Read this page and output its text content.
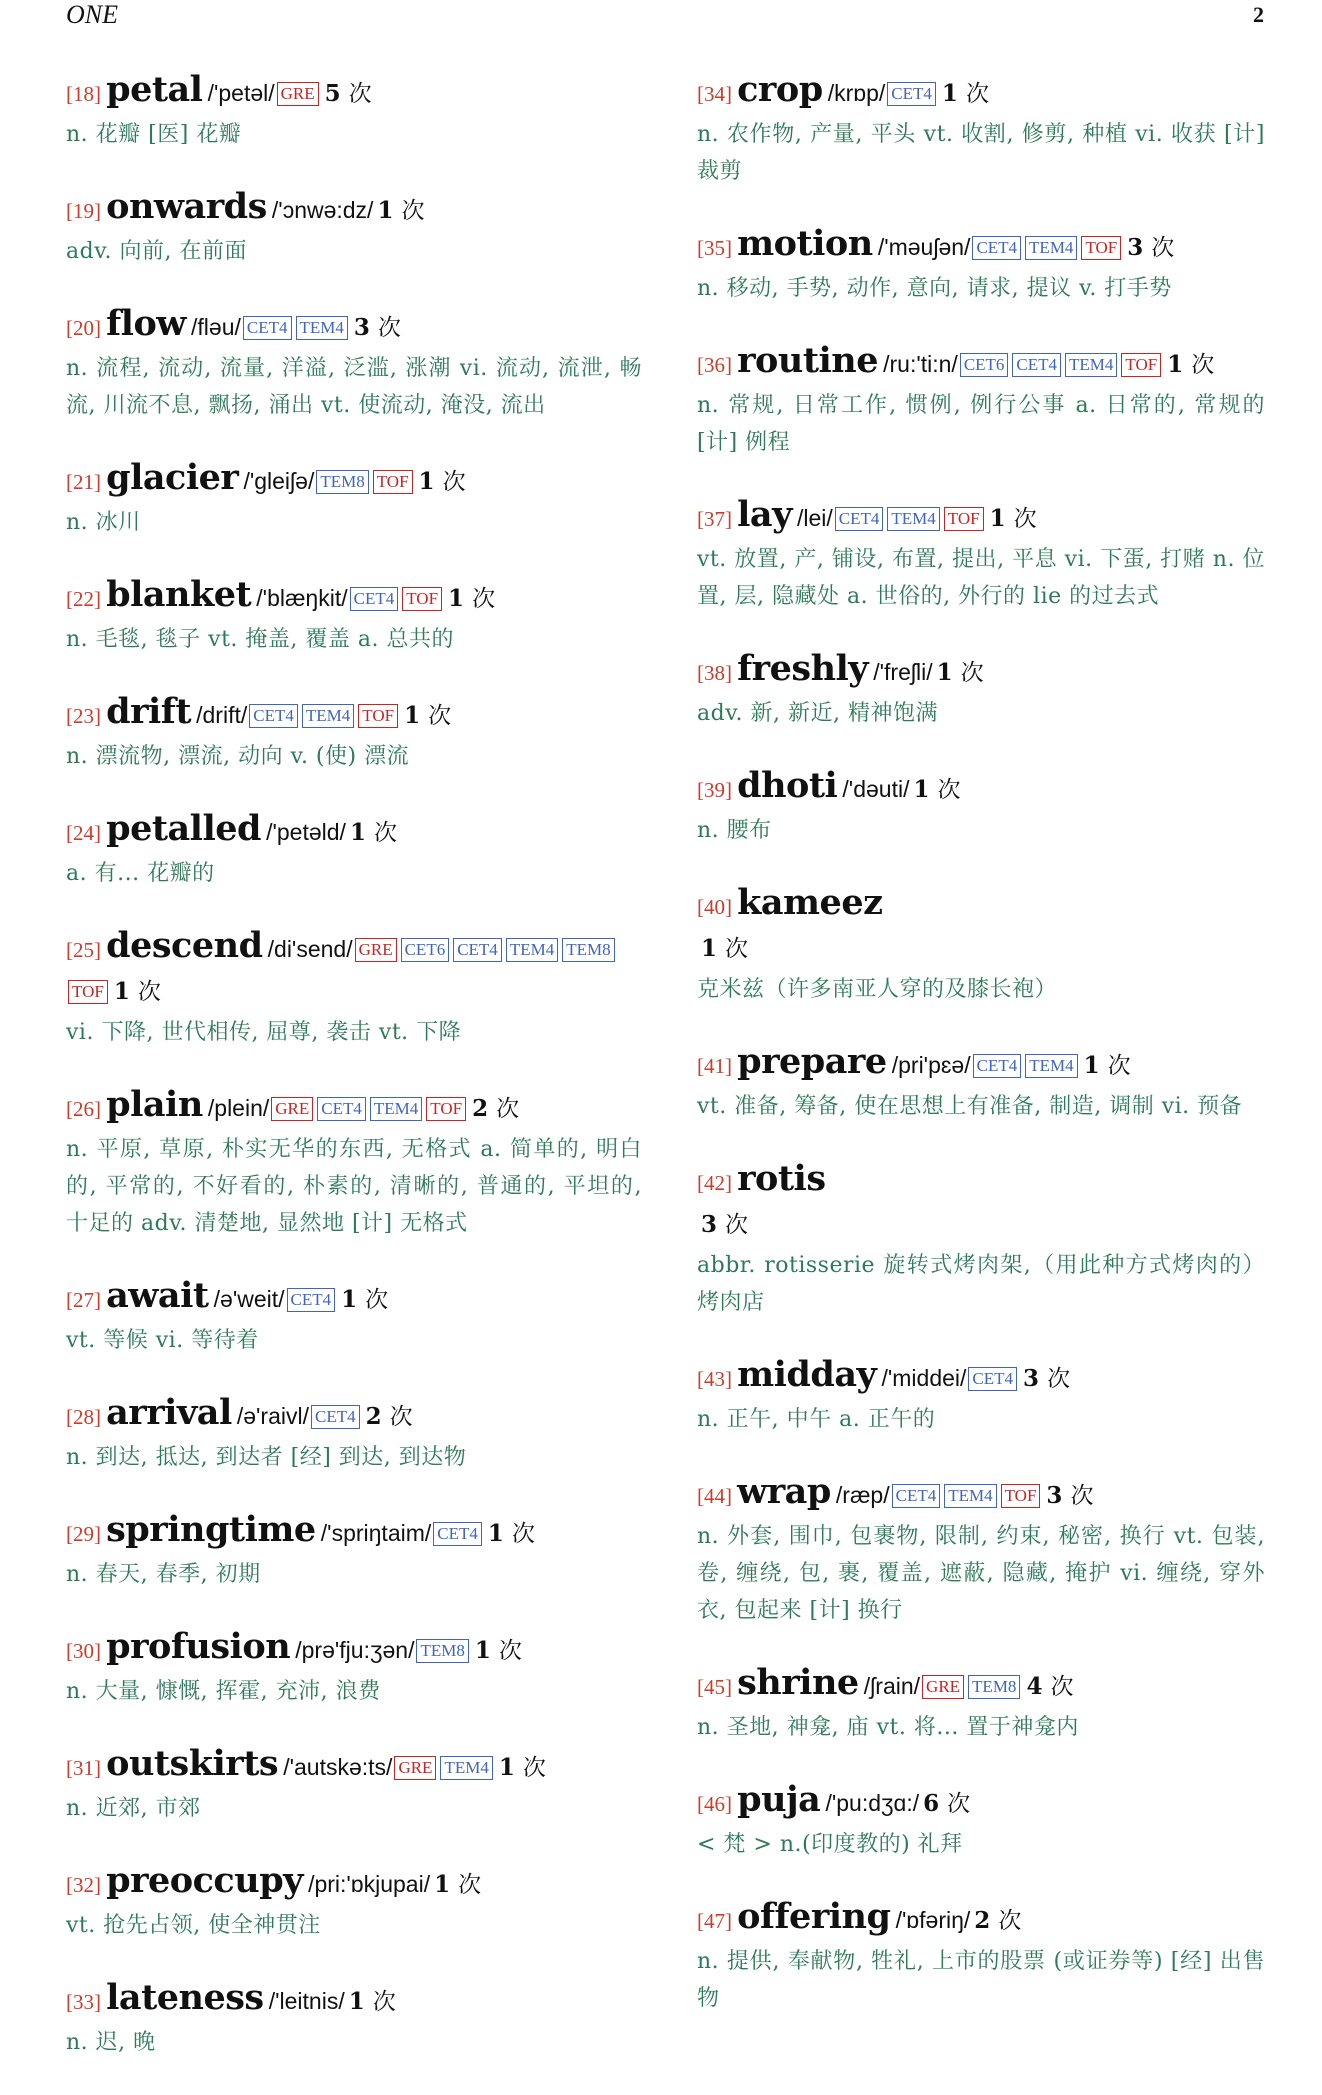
ONE	2
[18] petal /'petəl/ GRE 5 次
n. 花瓣 [医] 花瓣
[19] onwards /'ɔnwə:dz/ 1 次
adv. 向前, 在前面
[20] flow /fləu/ CET4 TEM4 3 次
n. 流程, 流动, 流量, 洋溢, 泛滥, 涨潮 vi. 流动, 流泄, 畅流, 川流不息, 飘扬, 涌出 vt. 使流动, 淹没, 流出
[21] glacier /'gleiʃə/ TEM8 TOF 1 次
n. 冰川
[22] blanket /'blæŋkit/ CET4 TOF 1 次
n. 毛毯, 毯子 vt. 掩盖, 覆盖 a. 总共的
[23] drift /drift/ CET4 TEM4 TOF 1 次
n. 漂流物, 漂流, 动向 v. (使) 漂流
[24] petalled /'petəld/ 1 次
a. 有... 花瓣的
[25] descend /di'send/ GRE CET6 CET4 TEM4 TEM8TOF 1 次
vi. 下降, 世代相传, 屈尊, 袭击 vt. 下降
[26] plain /plein/ GRE CET4 TEM4 TOF 2 次
n. 平原, 草原, 朴实无华的东西, 无格式 a. 简单的, 明白的, 平常的, 不好看的, 朴素的, 清晰的, 普通的, 平坦的, 十足的 adv. 清楚地, 显然地 [计] 无格式
[27] await /ə'weit/ CET4 1 次
vt. 等候 vi. 等待着
[28] arrival /ə'raivl/ CET4 2 次
n. 到达, 抵达, 到达者 [经] 到达, 到达物
[29] springtime /'spriŋtaim/ CET4 1 次
n. 春天, 春季, 初期
[30] profusion /prə'fju:ʒən/ TEM8 1 次
n. 大量, 慷慨, 挥霍, 充沛, 浪费
[31] outskirts /'autskə:ts/ GRE TEM4 1 次
n. 近郊, 市郊
[32] preoccupy /pri:'ɒkjupai/ 1 次
vt. 抢先占领, 使全神贯注
[33] lateness /'leitnis/ 1 次
n. 迟, 晚
[34] crop /krɒp/ CET4 1 次
n. 农作物, 产量, 平头 vt. 收割, 修剪, 种植 vi. 收获 [计] 裁剪
[35] motion /'məuʃən/ CET4 TEM4 TOF 3 次
n. 移动, 手势, 动作, 意向, 请求, 提议 v. 打手势
[36] routine /ru:'ti:n/ CET6 CET4 TEM4 TOF 1 次
n. 常规, 日常工作, 惯例, 例行公事 a. 日常的, 常规的 [计] 例程
[37] lay /lei/ CET4 TEM4 TOF 1 次
vt. 放置, 产, 铺设, 布置, 提出, 平息 vi. 下蛋, 打赌 n. 位置, 层, 隐藏处 a. 世俗的, 外行的 lie 的过去式
[38] freshly /'freʃli/ 1 次
adv. 新, 新近, 精神饱满
[39] dhoti /'dəuti/ 1 次
n. 腰布
[40] kameez
1 次
克米兹（许多南亚人穿的及膝长袍）
[41] prepare /pri'pɛə/ CET4 TEM4 1 次
vt. 准备, 筹备, 使在思想上有准备, 制造, 调制 vi. 预备
[42] rotis
3 次
abbr. rotisserie 旋转式烤肉架,（用此种方式烤肉的）烤肉店
[43] midday /'middei/ CET4 3 次
n. 正午, 中午 a. 正午的
[44] wrap /ræp/ CET4 TEM4 TOF 3 次
n. 外套, 围巾, 包裹物, 限制, 约束, 秘密, 换行 vt. 包装, 卷, 缠绕, 包, 裹, 覆盖, 遮蔽, 隐藏, 掩护 vi. 缠绕, 穿外衣, 包起来 [计] 换行
[45] shrine /ʃrain/ GRE TEM8 4 次
n. 圣地, 神龛, 庙 vt. 将... 置于神龛内
[46] puja /'pu:dʒɑ:/ 6 次
< 梵 > n.(印度教的) 礼拜
[47] offering /'ɒfəriŋ/ 2 次
n. 提供, 奉献物, 牲礼, 上市的股票 (或证券等) [经] 出售物
